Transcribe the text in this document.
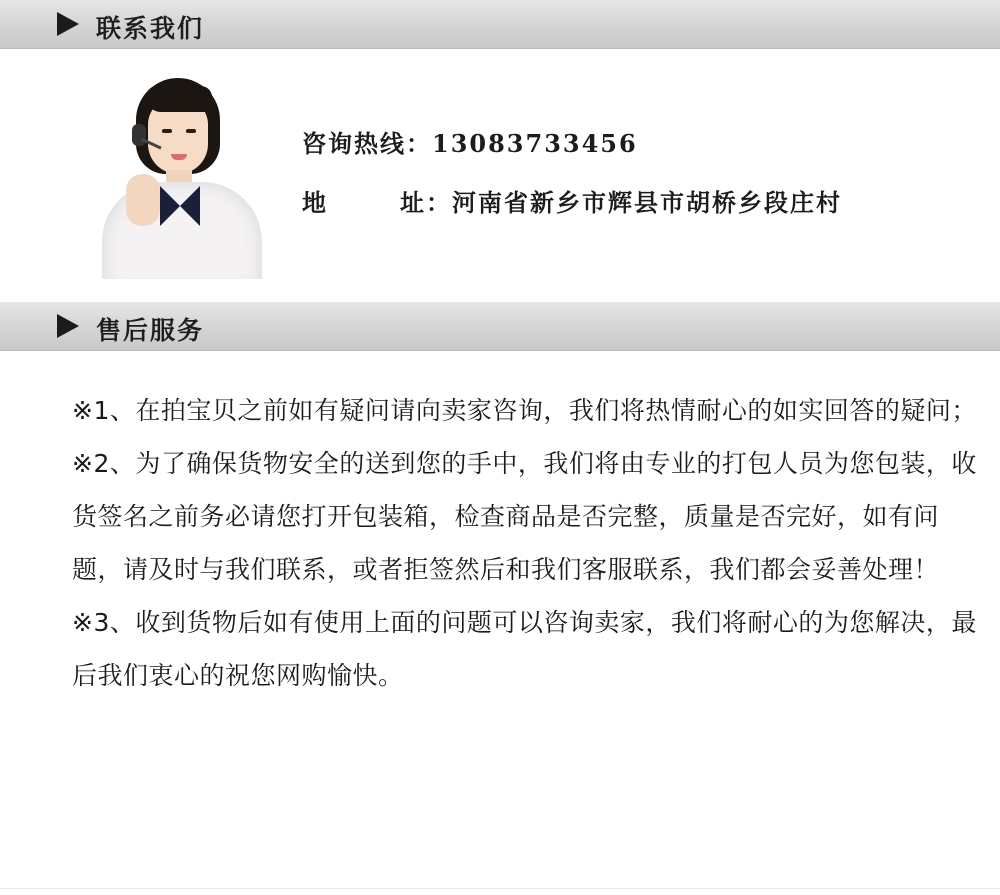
联系我们
咨询热线：13083733456
地	址：河南省新乡市辉县市胡桥乡段庄村
售后服务

※1、在拍宝贝之前如有疑问请向卖家咨询，我们将热情耐心的如实回答的疑问；

※2、为了确保货物安全的送到您的手中，我们将由专业的打包人员为您包装，收货签名之前务必请您打开包装箱，检查商品是否完整，质量是否完好，如有问题，请及时与我们联系，或者拒签然后和我们客服联系，我们都会妥善处理！

※3、收到货物后如有使用上面的问题可以咨询卖家，我们将耐心的为您解决，最后我们衷心的祝您网购愉快。
